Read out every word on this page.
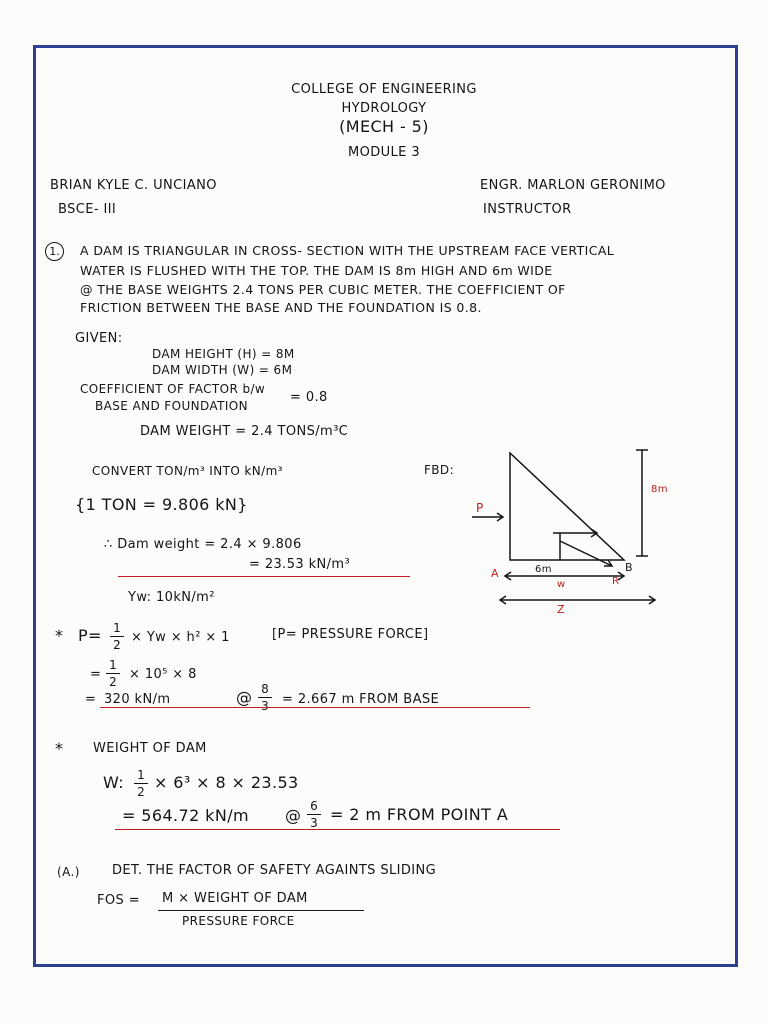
COLLEGE OF ENGINEERING
HYDROLOGY
(MECH - 5)
MODULE 3
BRIAN KYLE C. UNCIANO
BSCE- III
ENGR. MARLON GERONIMO
INSTRUCTOR
1.	A DAM IS TRIANGULAR IN CROSS- SECTION WITH THE UPSTREAM FACE VERTICAL
WATER IS FLUSHED WITH THE TOP. THE DAM IS 8m HIGH AND 6m WIDE
@ THE BASE WEIGHTS 2.4 TONS PER CUBIC METER. THE COEFFICIENT OF
FRICTION BETWEEN THE BASE AND THE FOUNDATION IS 0.8.
GIVEN:
DAM HEIGHT (H) = 8M
DAM WIDTH (W) = 6M
COEFFICIENT OF FACTOR b/w
BASE AND FOUNDATION
= 0.8
DAM WEIGHT = 2.4 TONS/m³C
CONVERT TON/m³ INTO kN/m³
{1 TON = 9.806 kN}
∴ Dam weight = 2.4 × 9.806
= 23.53 kN/m³
Yw: 10kN/m²
FBD:
P
8m
A	B
6m
w	R
Z
* P= 1
2 × Yw × h² × 1	[P= PRESSURE FORCE]
=
1
2 × 10⁵ × 8
= 320 kN/m	@ 8
3 = 2.667 m FROM BASE
* WEIGHT OF DAM
W: 1
2 × 6³ × 8 × 23.53
= 564.72 kN/m @ 6
3 = 2 m FROM POINT A
(A.) DET. THE FACTOR OF SAFETY AGAINTS SLIDING
FOS = M × WEIGHT OF DAM
PRESSURE FORCE
